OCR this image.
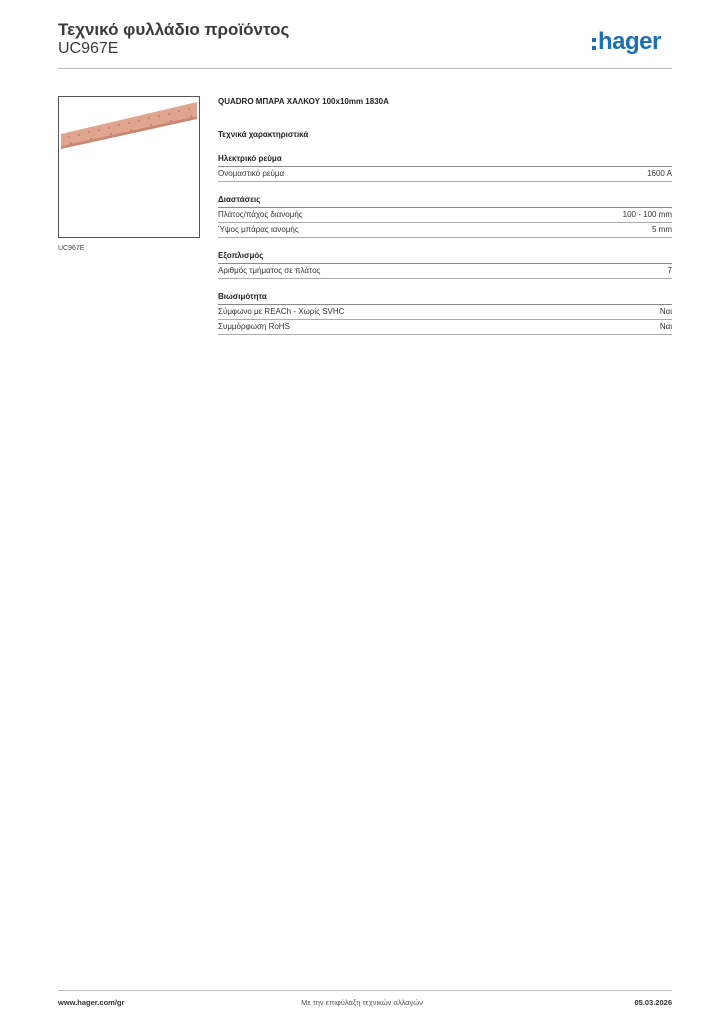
Τεχνικό φυλλάδιο προϊόντος
UC967E	hager
UC967E
QUADRO ΜΠΑΡΑ ΧΑΛΚΟΥ 100x10mm 1830A
Τεχνικά χαρακτηριστικά
Ηλεκτρικό ρεύμα
Ονομαστικό ρεύμα	1600 A
Διαστάσεις
Πλάτος/πάχος διανομής	100 - 100 mm
Ύψος μπάρας ιανομής	5 mm
Εξοπλισμός
Αριθμός τμήματος σε πλάτος	7
Βιωσιμότητα
Σύμφωνο με REACh - Χωρίς SVHC	Ναι
Συμμόρφωση RoHS	Ναι
www.hager.com/gr	Με την επιφύλαξη τεχνικών αλλαγών	05.03.2026
